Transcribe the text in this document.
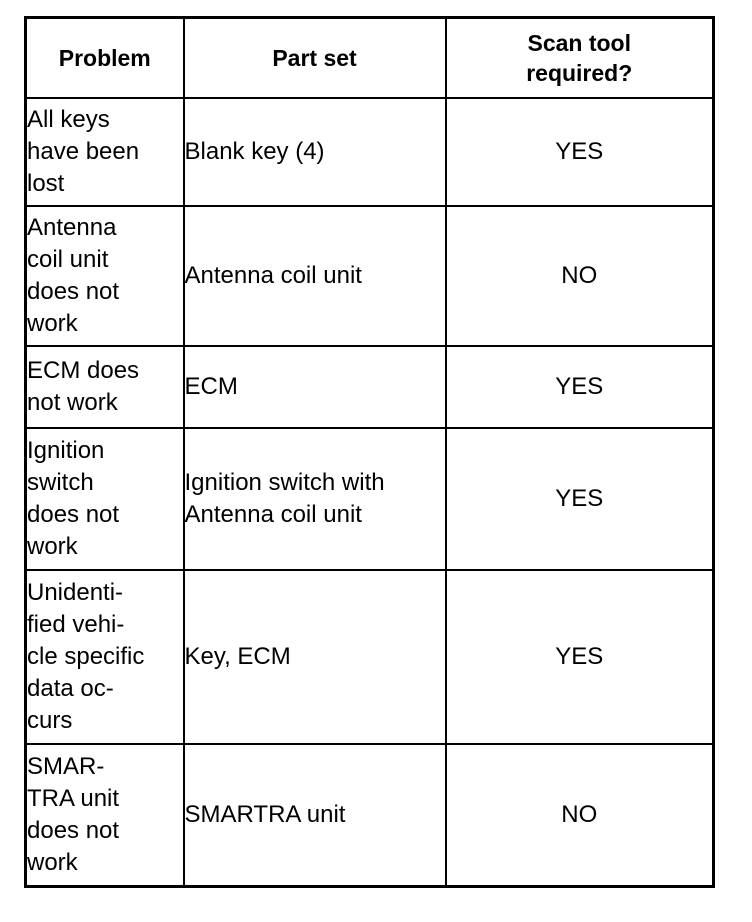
Problem	Part set	Scan tool
required?

All keys
have been
lost	Blank key (4)	YES

Antenna
coil unit
does not
work	Antenna coil unit	NO

ECM does
not work	ECM	YES

Ignition
switch
does not
work	Ignition switch with
Antenna coil unit	YES

Unidenti-
fied vehi-
cle specific
data oc-
curs	Key, ECM	YES

SMAR-
TRA unit
does not
work	SMARTRA unit	NO
